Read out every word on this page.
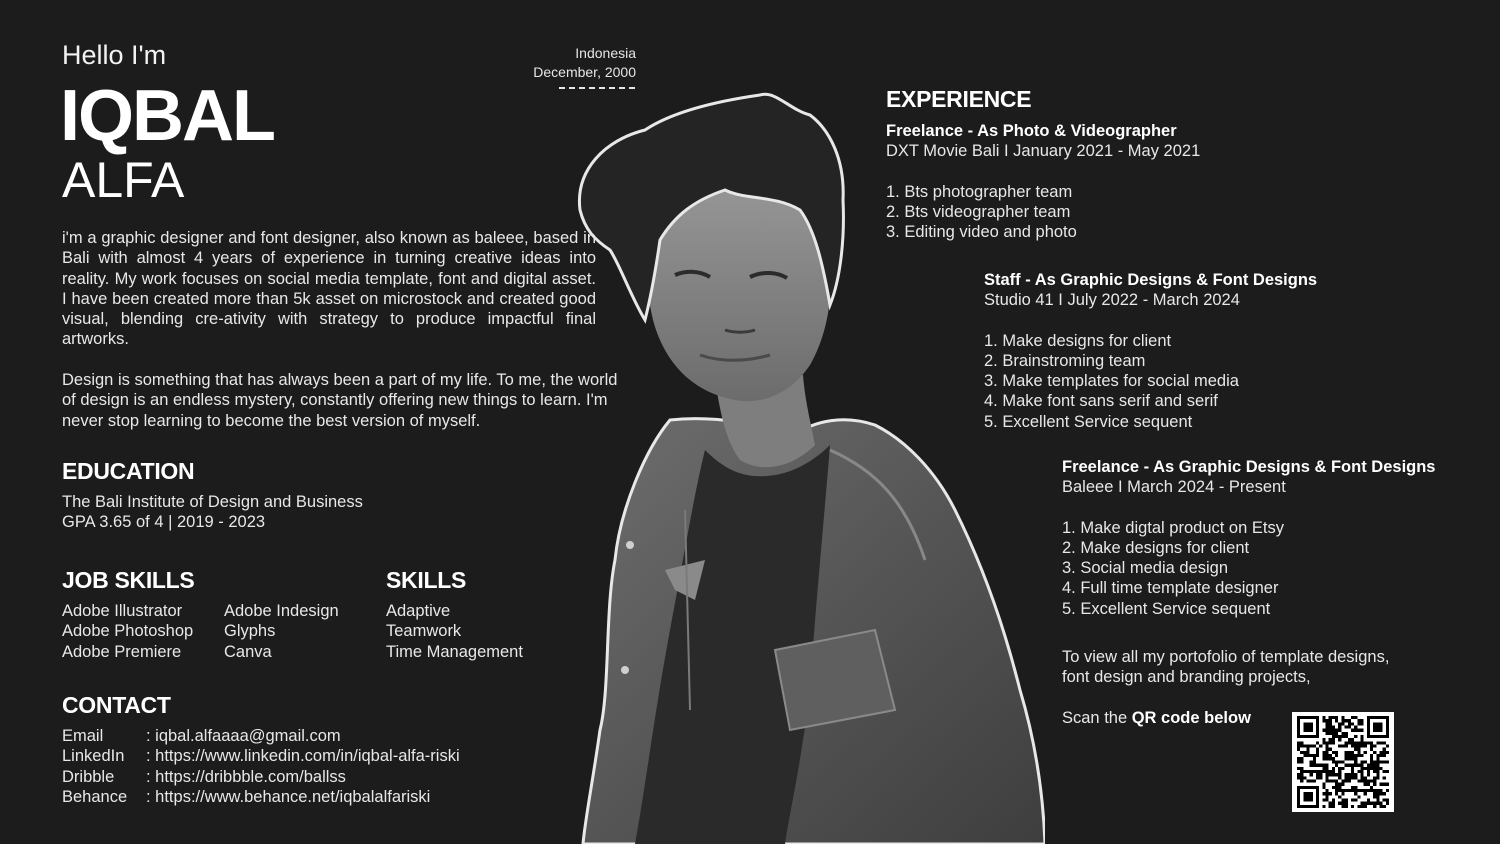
Hello I'm
IQBAL
ALFA
Indonesia
December, 2000
i'm a graphic designer and font designer, also known as baleee, based in Bali with almost 4 years of experience in turning creative ideas into reality. My work focuses on social media template, font and digital asset. I have been created more than 5k asset on microstock and created good visual, blending cre-ativity with strategy to produce impactful final artworks.
Design is something that has always been a part of my life. To me, the world of design is an endless mystery, constantly offering new things to learn. I'm never stop learning to become the best version of myself.
EDUCATION
The Bali Institute of Design and Business
GPA 3.65 of 4 | 2019 - 2023
JOB SKILLS
Adobe Illustrator
Adobe Photoshop
Adobe Premiere
Adobe Indesign
Glyphs
Canva
SKILLS
Adaptive
Teamwork
Time Management
CONTACT
Email
LinkedIn
Dribble
Behance
: iqbal.alfaaaa@gmail.com
: https://www.linkedin.com/in/iqbal-alfa-riski
: https://dribbble.com/ballss
: https://www.behance.net/iqbalalfariski
EXPERIENCE
Freelance - As Photo & Videographer
DXT Movie Bali I January 2021 - May 2021
1. Bts photographer team
2. Bts videographer team
3. Editing video and photo
Staff - As Graphic Designs & Font Designs
Studio 41 I July 2022 - March 2024
1. Make designs for client
2. Brainstroming team
3. Make templates for social media
4. Make font sans serif and serif
5. Excellent Service sequent
Freelance - As Graphic Designs & Font Designs
Baleee I March 2024 - Present
1. Make digtal product on Etsy
2. Make designs for client
3. Social media design
4. Full time template designer
5. Excellent Service sequent
To view all my portofolio of template designs,
font design and branding projects,
Scan the QR code below
